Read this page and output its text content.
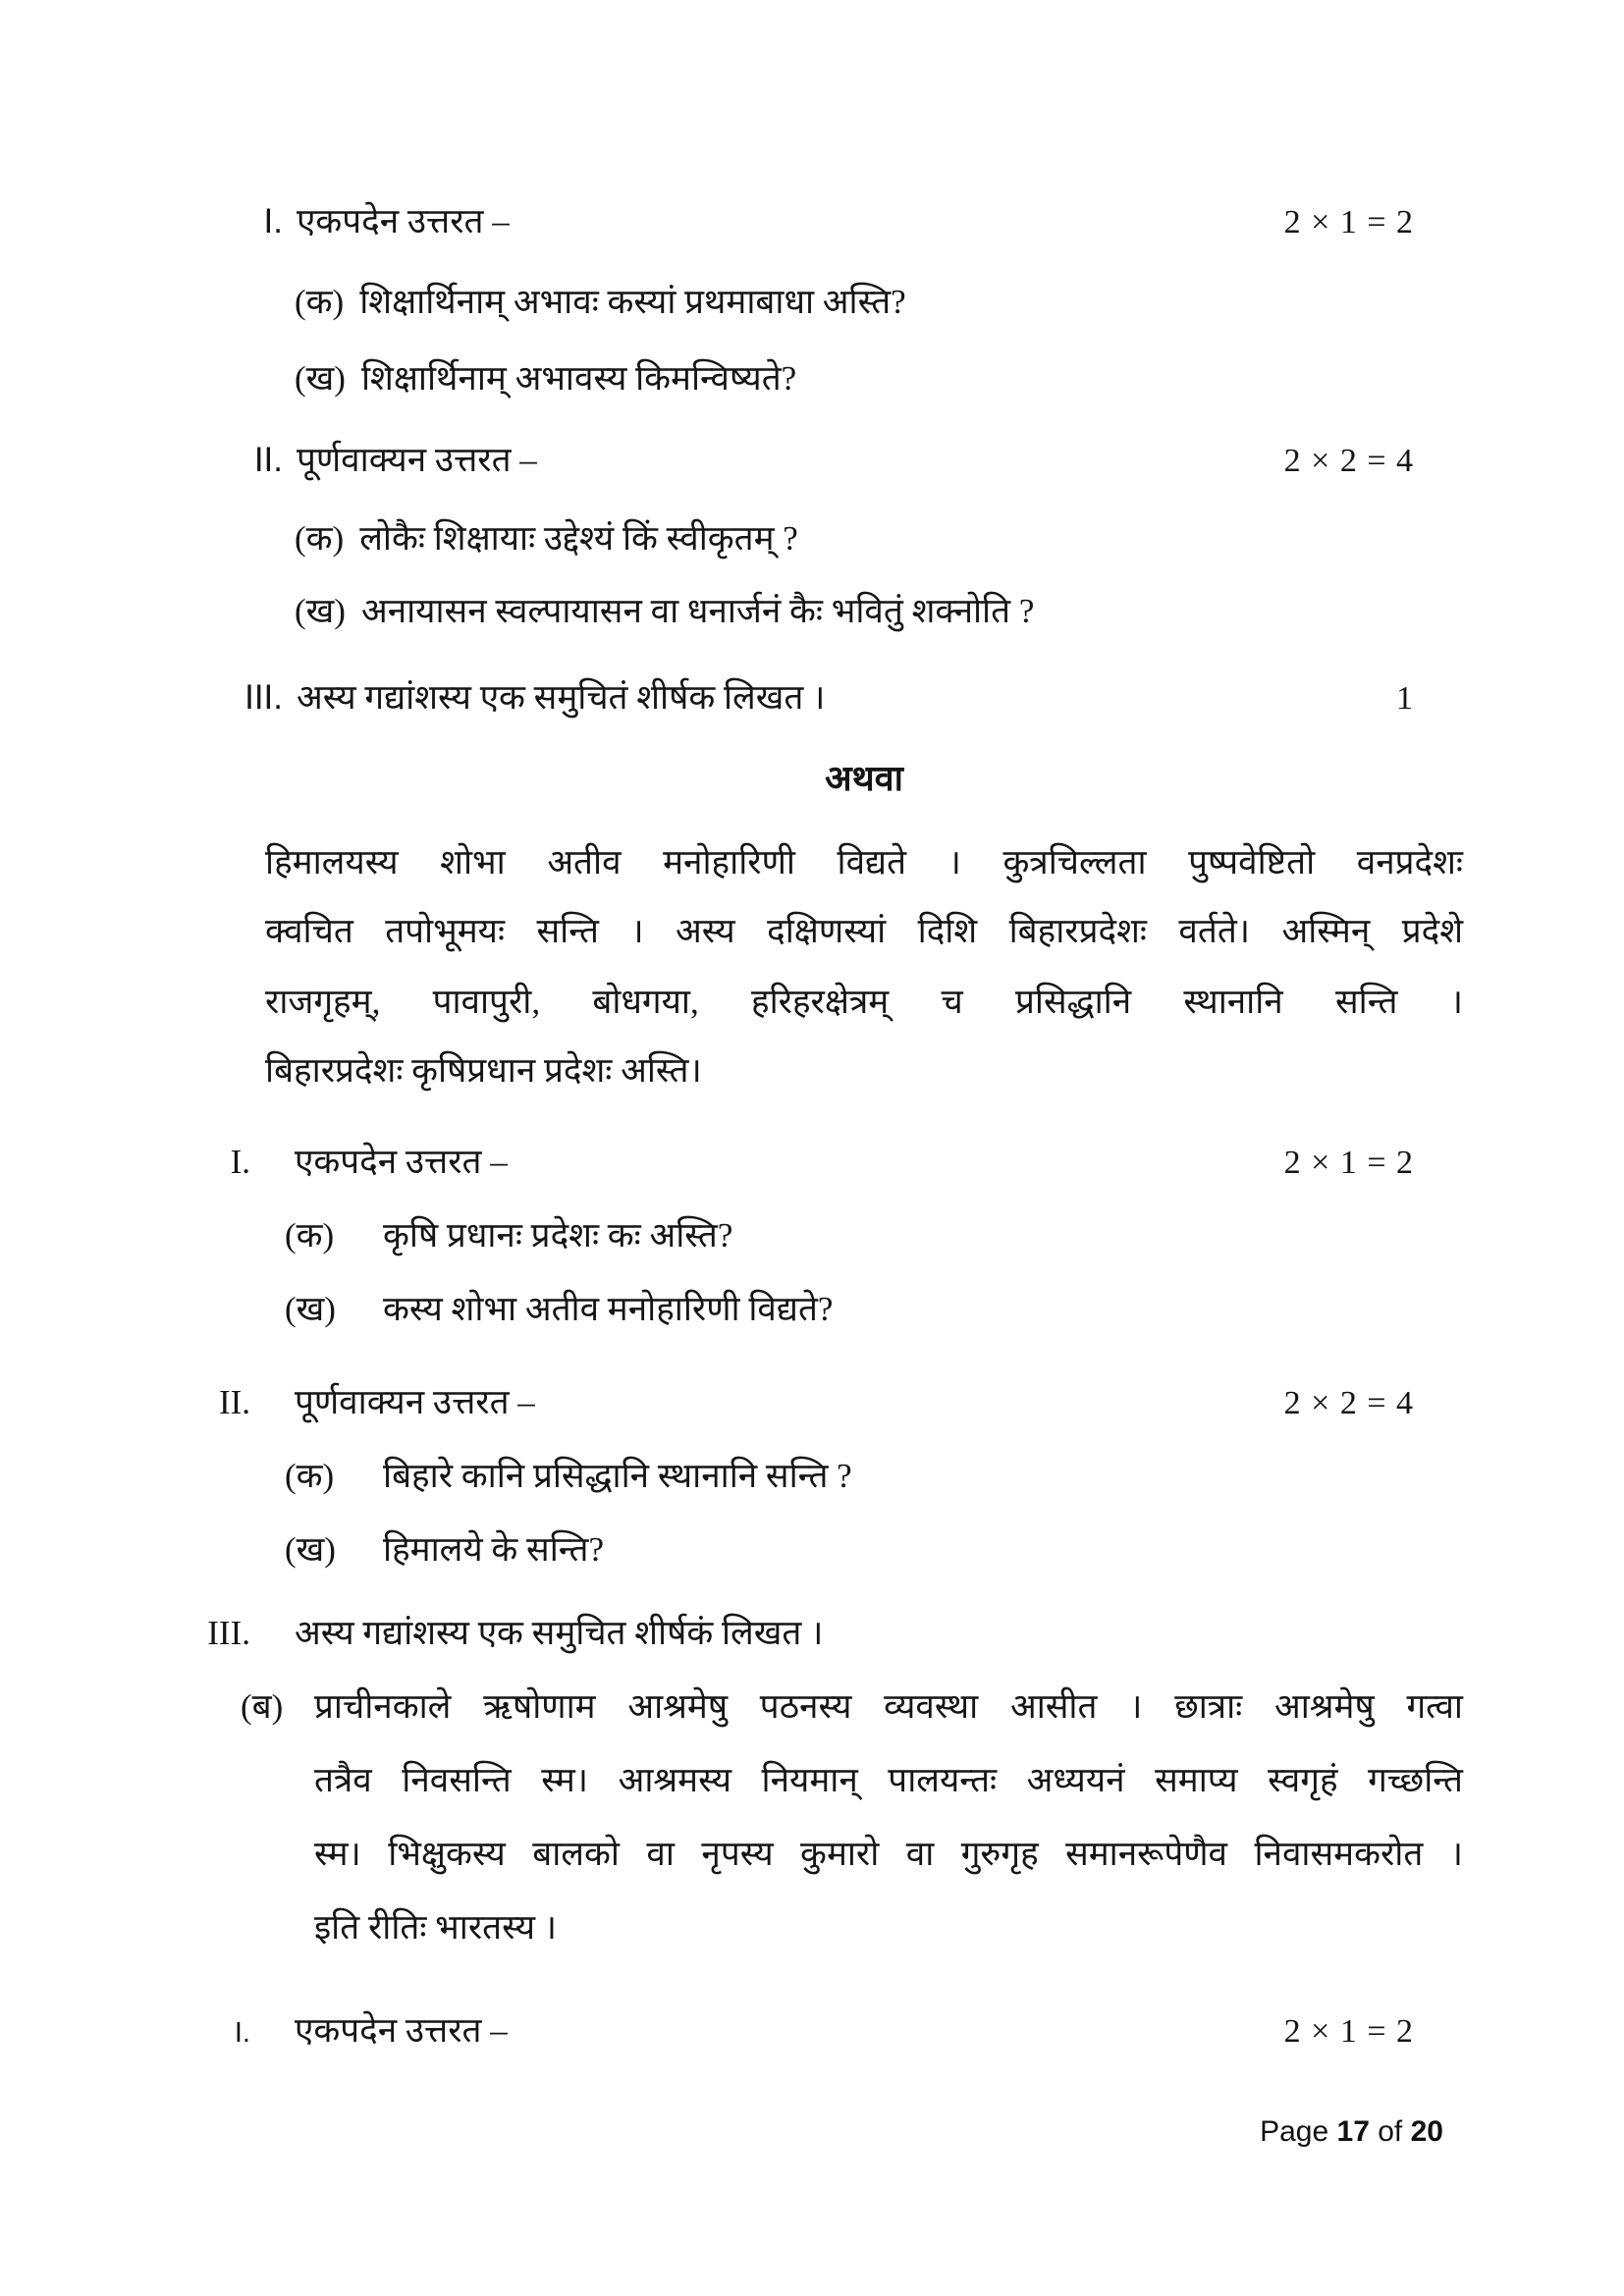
I. एकपदेन उत्तरत –	2 × 1 = 2
(क) शिक्षार्थिनाम् अभावः कस्यां प्रथमाबाधा अस्ति?
(ख) शिक्षार्थिनाम् अभावस्य किमन्विष्यते?
II. पूर्णवाक्यन उत्तरत –	2 × 2 = 4
(क) लोकैः शिक्षायाः उद्देश्यं किं स्वीकृतम् ?
(ख) अनायासन स्वल्पायासन वा धनार्जनं कैः भवितुं शक्नोति ?
III. अस्य गद्यांशस्य एक समुचितं शीर्षक लिखत ।	1
अथवा
हिमालयस्य शोभा अतीव मनोहारिणी विद्यते । कुत्रचिल्लता पुष्पवेष्टितो वनप्रदेशः
क्वचित तपोभूमयः सन्ति । अस्य दक्षिणस्यां दिशि बिहारप्रदेशः वर्तते। अस्मिन् प्रदेशे
राजगृहम्, पावापुरी, बोधगया, हरिहरक्षेत्रम् च प्रसिद्धानि स्थानानि सन्ति ।
बिहारप्रदेशः कृषिप्रधान प्रदेशः अस्ति।
I. एकपदेन उत्तरत –	2 × 1 = 2
(क)	कृषि प्रधानः प्रदेशः कः अस्ति?
(ख)	कस्य शोभा अतीव मनोहारिणी विद्यते?
II. पूर्णवाक्यन उत्तरत –	2 × 2 = 4
(क)	बिहारे कानि प्रसिद्धानि स्थानानि सन्ति ?
(ख)	हिमालये के सन्ति?
III. अस्य गद्यांशस्य एक समुचित शीर्षकं लिखत ।
(ब) प्राचीनकाले ऋषोणाम आश्रमेषु पठनस्य व्यवस्था आसीत । छात्राः आश्रमेषु गत्वा
तत्रैव निवसन्ति स्म। आश्रमस्य नियमान् पालयन्तः अध्ययनं समाप्य स्वगृहं गच्छन्ति
स्म। भिक्षुकस्य बालको वा नृपस्य कुमारो वा गुरुगृह समानरूपेणैव निवासमकरोत ।
इति रीतिः भारतस्य ।
I. एकपदेन उत्तरत –	2 × 1 = 2
Page 17 of 20
